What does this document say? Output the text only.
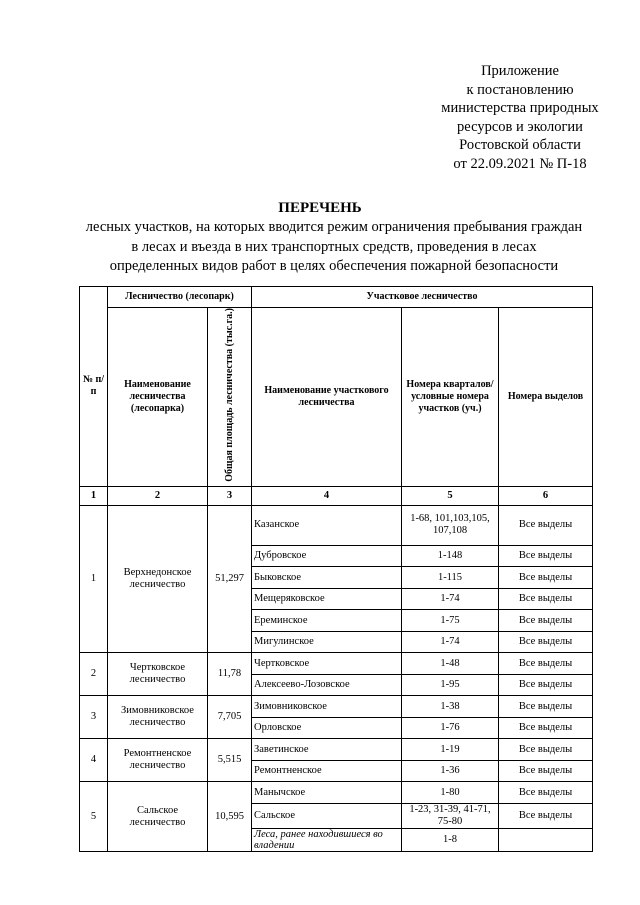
Приложение
к постановлению
министерства природных
ресурсов и экологии
Ростовской области
от 22.09.2021 № П-18
ПЕРЕЧЕНЬ
лесных участков, на которых вводится режим ограничения пребывания граждан
в лесах и въезда в них транспортных средств, проведения в лесах
определенных видов работ в целях обеспечения пожарной безопасности
№ п/п	Лесничество (лесопарк)		Участковое лесничество		
	Наименование лесничества (лесопарка)	Общая площадь лесничества (тыс.га.)	Наименование участкового лесничества	Номера кварталов/ условные номера участков (уч.)	Номера выделов
1	2	3	4	5	6
1	Верхнедонское лесничество	51,297	Казанское	1-68, 101,103,105, 107,108	Все выделы
			Дубровское	1-148	Все выделы
			Быковское	1-115	Все выделы
			Мещеряковское	1-74	Все выделы
			Ереминское	1-75	Все выделы
			Мигулинское	1-74	Все выделы
2	Чертковское лесничество	11,78	Чертковское	1-48	Все выделы
			Алексеево-Лозовское	1-95	Все выделы
3	Зимовниковское лесничество	7,705	Зимовниковское	1-38	Все выделы
			Орловское	1-76	Все выделы
4	Ремонтненское лесничество	5,515	Заветинское	1-19	Все выделы
			Ремонтненское	1-36	Все выделы
5	Сальское лесничество	10,595	Манычское	1-80	Все выделы
			Сальское	1-23, 31-39, 41-71, 75-80	Все выделы
			Леса, ранее находившиеся во владении	1-8	
